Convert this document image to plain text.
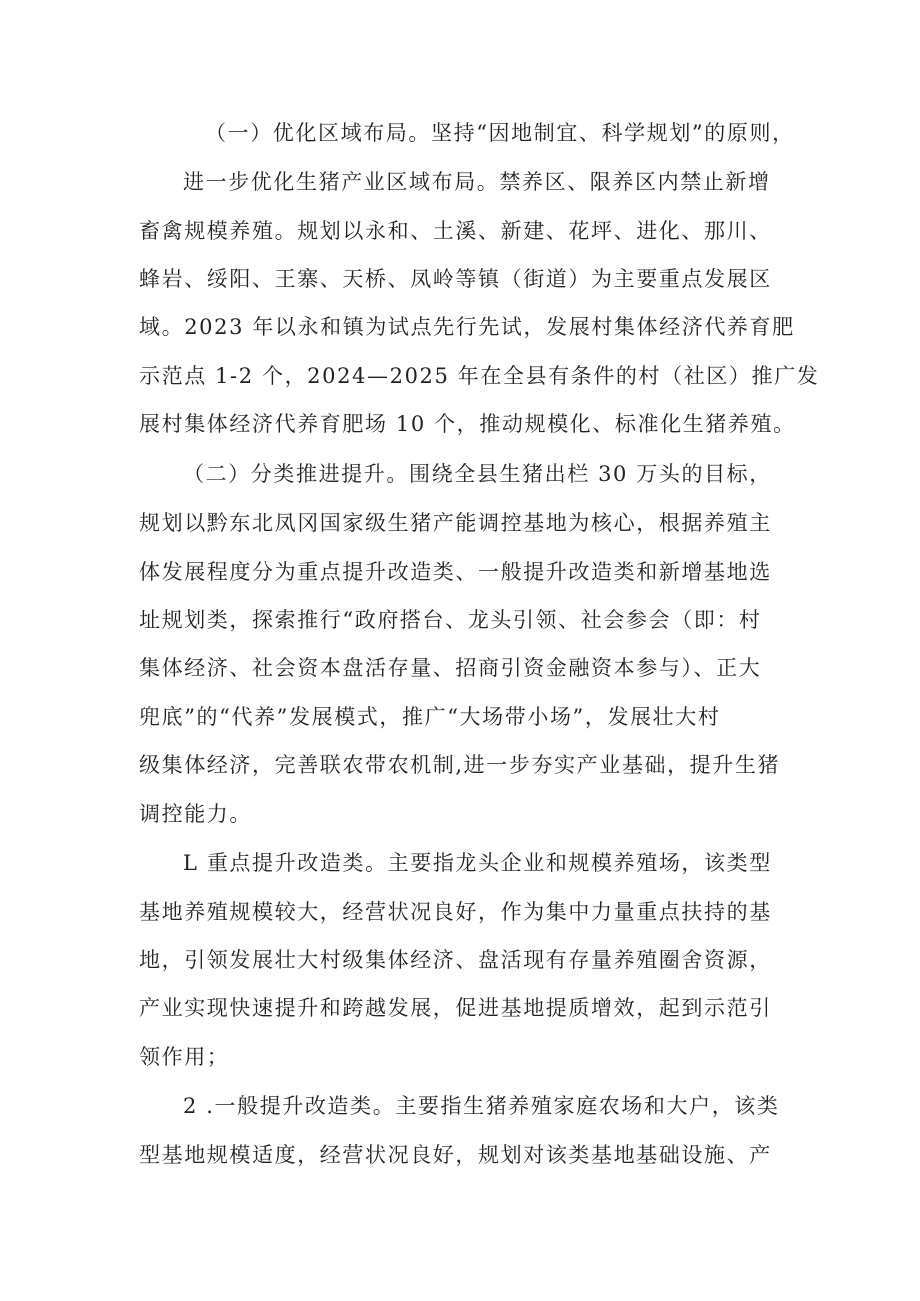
（一）优化区域布局。坚持“因地制宜、科学规划”的原则，
进一步优化生猪产业区域布局。禁养区、限养区内禁止新增
畜禽规模养殖。规划以永和、土溪、新建、花坪、进化、那川、
蜂岩、绥阳、王寨、天桥、凤岭等镇（街道）为主要重点发展区
域。2023 年以永和镇为试点先行先试，发展村集体经济代养育肥
示范点 1-2 个，2024—2025 年在全县有条件的村（社区）推广发
展村集体经济代养育肥场 10 个，推动规模化、标准化生猪养殖。
（二）分类推进提升。围绕全县生猪出栏 30 万头的目标，
规划以黔东北凤冈国家级生猪产能调控基地为核心，根据养殖主
体发展程度分为重点提升改造类、一般提升改造类和新增基地选
址规划类，探索推行“政府搭台、龙头引领、社会参会（即：村
集体经济、社会资本盘活存量、招商引资金融资本参与）、正大
兜底”的“代养”发展模式，推广“大场带小场”，发展壮大村
级集体经济，完善联农带农机制,进一步夯实产业基础，提升生猪
调控能力。
L 重点提升改造类。主要指龙头企业和规模养殖场，该类型
基地养殖规模较大，经营状况良好，作为集中力量重点扶持的基
地，引领发展壮大村级集体经济、盘活现有存量养殖圈舍资源，
产业实现快速提升和跨越发展，促进基地提质增效，起到示范引
领作用；
2 .一般提升改造类。主要指生猪养殖家庭农场和大户，该类
型基地规模适度，经营状况良好，规划对该类基地基础设施、产
